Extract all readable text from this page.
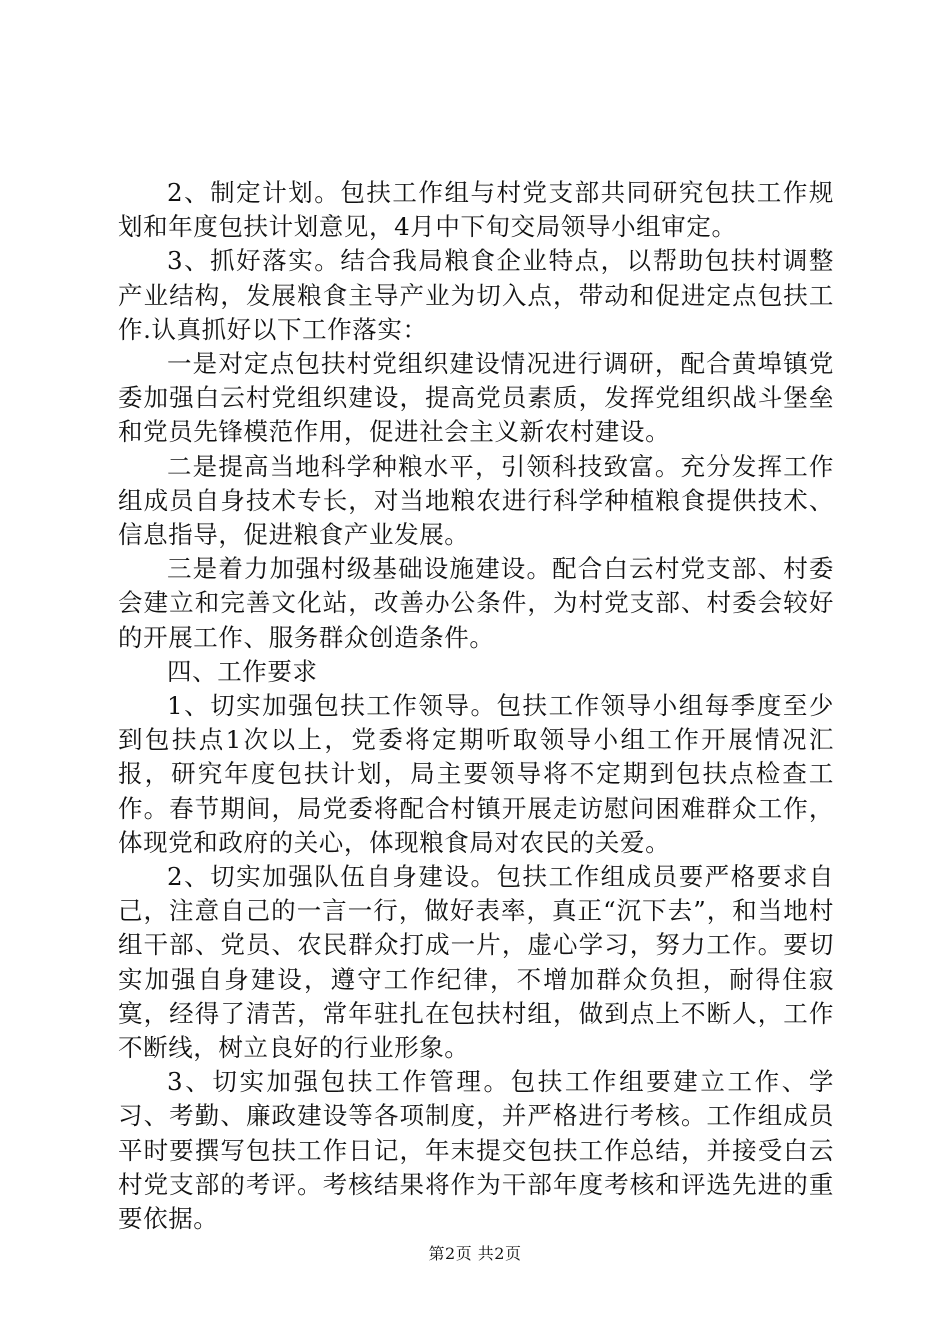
2、制定计划。包扶工作组与村党支部共同研究包扶工作规划和年度包扶计划意见，4月中下旬交局领导小组审定。

3、抓好落实。结合我局粮食企业特点，以帮助包扶村调整产业结构，发展粮食主导产业为切入点，带动和促进定点包扶工作.认真抓好以下工作落实：

一是对定点包扶村党组织建设情况进行调研，配合黄埠镇党委加强白云村党组织建设，提高党员素质，发挥党组织战斗堡垒和党员先锋模范作用，促进社会主义新农村建设。

二是提高当地科学种粮水平，引领科技致富。充分发挥工作组成员自身技术专长，对当地粮农进行科学种植粮食提供技术、信息指导，促进粮食产业发展。

三是着力加强村级基础设施建设。配合白云村党支部、村委会建立和完善文化站，改善办公条件，为村党支部、村委会较好的开展工作、服务群众创造条件。

四、工作要求

1、切实加强包扶工作领导。包扶工作领导小组每季度至少到包扶点1次以上，党委将定期听取领导小组工作开展情况汇报，研究年度包扶计划，局主要领导将不定期到包扶点检查工作。春节期间，局党委将配合村镇开展走访慰问困难群众工作，体现党和政府的关心，体现粮食局对农民的关爱。

2、切实加强队伍自身建设。包扶工作组成员要严格要求自己，注意自己的一言一行，做好表率，真正“沉下去”，和当地村组干部、党员、农民群众打成一片，虚心学习，努力工作。要切实加强自身建设，遵守工作纪律，不增加群众负担，耐得住寂寞，经得了清苦，常年驻扎在包扶村组，做到点上不断人，工作不断线，树立良好的行业形象。

3、切实加强包扶工作管理。包扶工作组要建立工作、学习、考勤、廉政建设等各项制度，并严格进行考核。工作组成员平时要撰写包扶工作日记，年末提交包扶工作总结，并接受白云村党支部的考评。考核结果将作为干部年度考核和评选先进的重要依据。

第2页 共2页
